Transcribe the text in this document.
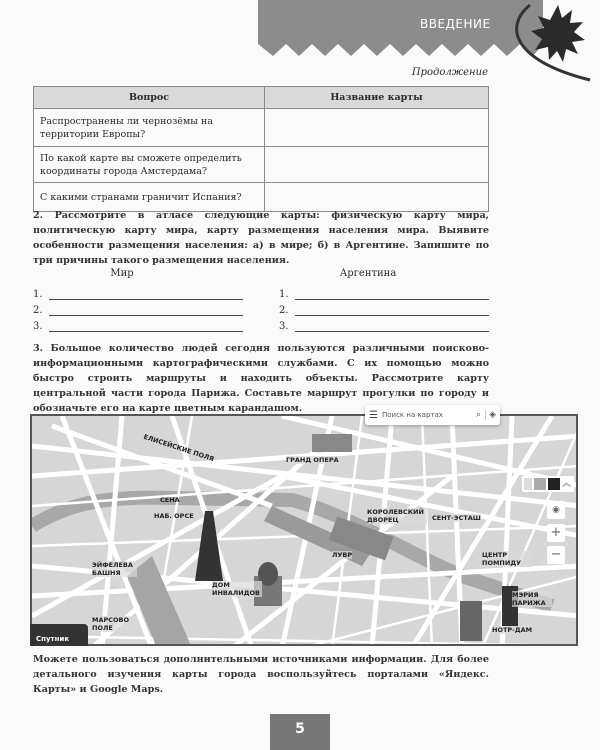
ВВЕДЕНИЕ
Продолжение
Вопрос	Название карты
Распространены ли чернозёмы на территории Европы?	
По какой карте вы сможете определить координаты города Амстердама?	
С какими странами граничит Испания?	
2. Рассмотрите в атласе следующие карты: физическую карту мира, политическую карту мира, карту размещения населения мира. Выявите особенности размещения населения: а) в мире; б) в Аргентине. Запишите по три причины такого размещения населения.
Мир	Аргентина
1.
2.
3.
1.
2.
3.
3. Большое количество людей сегодня пользуются различными поисково-информационными картографическими службами. С их помощью можно быстро строить маршруты и находить объекты. Рассмотрите карту центральной части города Парижа. Составьте маршрут прогулки по городу и обозначьте его на карте цветным карандашом.
ГРАНД ОПЕРА
КОРОЛЕВСКИЙ ДВОРЕЦ	СЕНТ-ЭСТАШ
ЛУВР	ЦЕНТР ПОМПИДУ
ЭЙФЕЛЕВА БАШНЯ
ДОМ ИНВАЛИДОВ
МАРСОВО ПОЛЕ
МЭРИЯ ПАРИЖА
НОТР-ДАМ
ЕЛИСЕЙСКИЕ ПОЛЯ
СЕНА
НАБ. ОРСЕ
︽
◉
+
−
☰ Поиск на картах	⌕ ◈
Спутник
Можете пользоваться дополнительными источниками информации. Для более детального изучения карты города воспользуйтесь порталами «Яндекс. Карты» и Google Maps.
5
